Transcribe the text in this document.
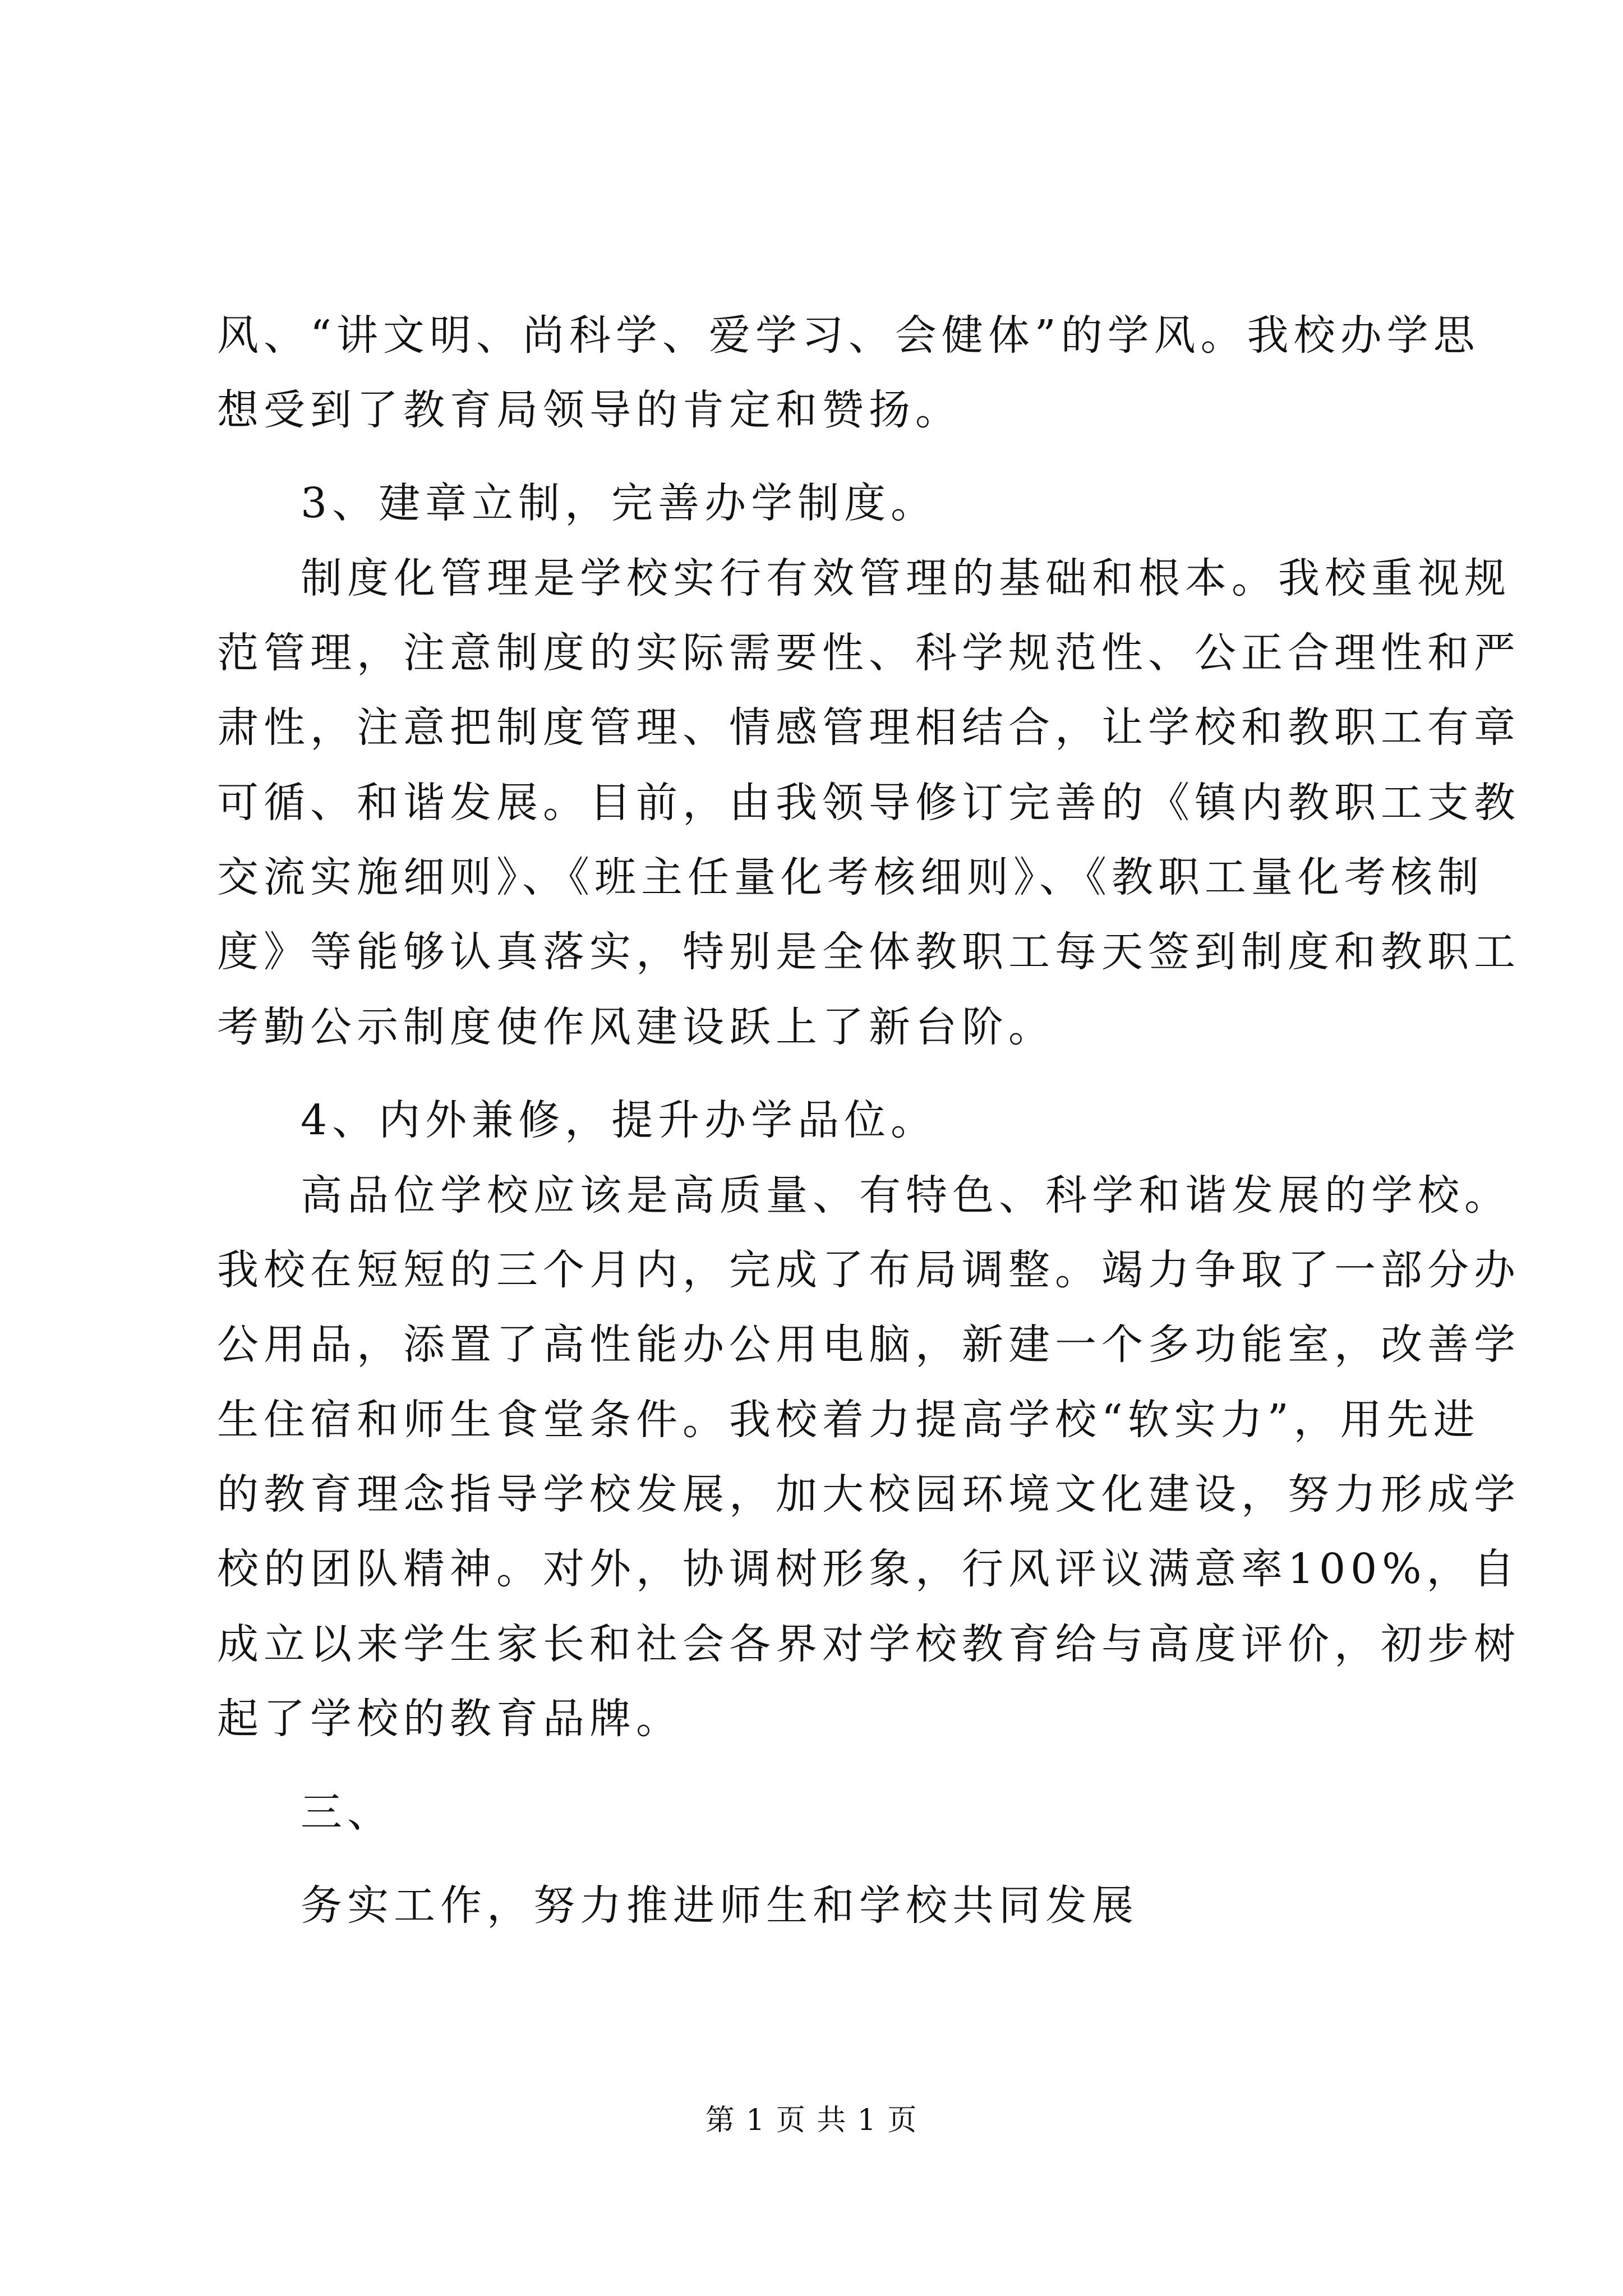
风、“讲文明、尚科学、爱学习、会健体”的学风。我校办学思
想受到了教育局领导的肯定和赞扬。
3、建章立制，完善办学制度。
制度化管理是学校实行有效管理的基础和根本。我校重视规
范管理，注意制度的实际需要性、科学规范性、公正合理性和严
肃性，注意把制度管理、情感管理相结合，让学校和教职工有章
可循、和谐发展。目前，由我领导修订完善的《镇内教职工支教
交流实施细则》、《班主任量化考核细则》、《教职工量化考核制
度》等能够认真落实，特别是全体教职工每天签到制度和教职工
考勤公示制度使作风建设跃上了新台阶。
4、内外兼修，提升办学品位。
高品位学校应该是高质量、有特色、科学和谐发展的学校。
我校在短短的三个月内，完成了布局调整。竭力争取了一部分办
公用品，添置了高性能办公用电脑，新建一个多功能室，改善学
生住宿和师生食堂条件。我校着力提高学校“软实力”，用先进
的教育理念指导学校发展，加大校园环境文化建设，努力形成学
校的团队精神。对外，协调树形象，行风评议满意率100%，自
成立以来学生家长和社会各界对学校教育给与高度评价，初步树
起了学校的教育品牌。
三、
务实工作，努力推进师生和学校共同发展
第 1 页 共 1 页
